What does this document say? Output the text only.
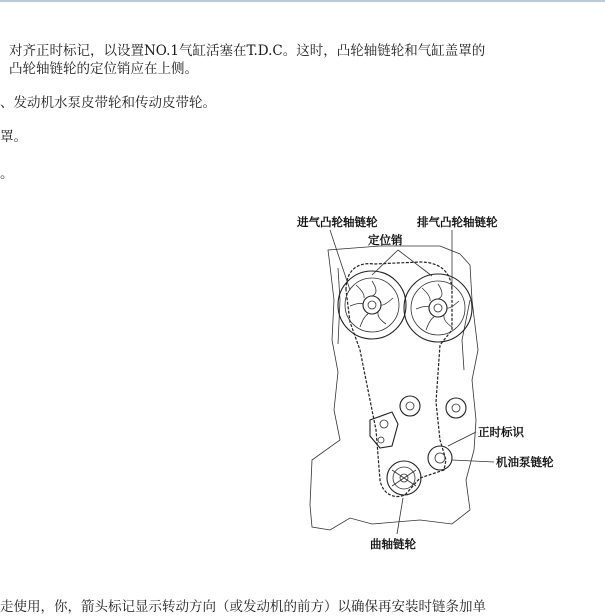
对齐正时标记，以设置NO.1气缸活塞在T.D.C。这时，凸轮轴链轮和气缸盖罩的

凸轮轴链轮的定位销应在上侧。

、发动机水泵皮带轮和传动皮带轮。

罩。

。

走使用，你，箭头标记显示转动方向（或发动机的前方）以确保再安装时链条加单

进气凸轮轴链轮	排气凸轮轴链轮
定位销
正时标识
机油泵链轮
曲轴链轮
